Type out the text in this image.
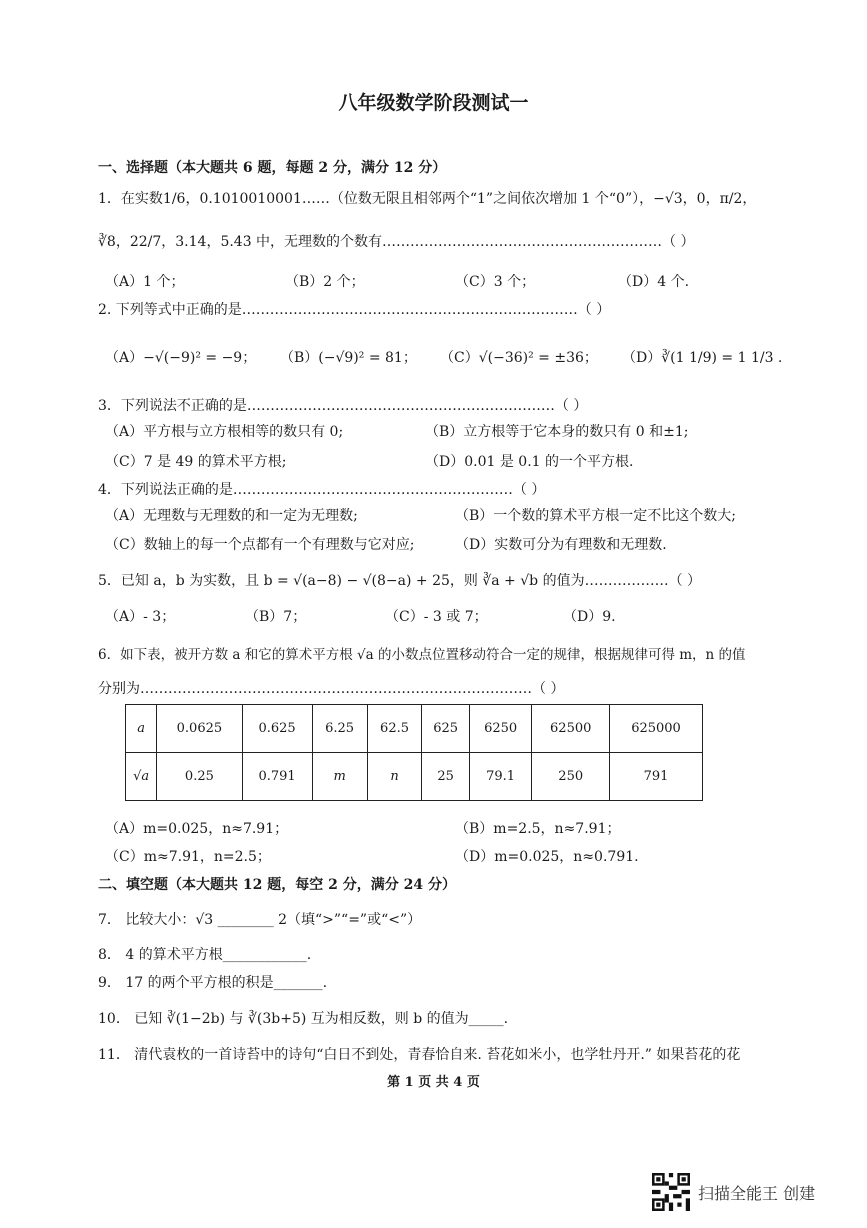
八年级数学阶段测试一
一、选择题（本大题共 6 题，每题 2 分，满分 12 分）
1．在实数1/6，0.1010010001……（位数无限且相邻两个“1”之间依次增加 1 个“0”），−√3，0，π/2，
∛8，22/7，3.14，5.4̇3̇ 中，无理数的个数有……………………………………………………（ ）
（A）1 个；	（B）2 个；	（C）3 个；	（D）4 个.
2. 下列等式中正确的是………………………………………………………………（ ）
（A）−√(−9)² = −9； （B）(−√9)² = 81； （C）√(−36)² = ±36； （D）∛(1 1/9) = 1 1/3 .
3．下列说法不正确的是…………………………………………………………（ ）
（A）平方根与立方根相等的数只有 0;	（B）立方根等于它本身的数只有 0 和±1;
（C）7 是 49 的算术平方根;	（D）0.01 是 0.1 的一个平方根.
4．下列说法正确的是……………………………………………………（ ）
（A）无理数与无理数的和一定为无理数;	（B）一个数的算术平方根一定不比这个数大;
（C）数轴上的每一个点都有一个有理数与它对应;	（D）实数可分为有理数和无理数.
5．已知 a，b 为实数，且 b = √(a−8) − √(8−a) + 25，则 ∛a + √b 的值为………………（ ）
（A）- 3；	（B）7；	（C）- 3 或 7；	（D）9.
6．如下表，被开方数 a 和它的算术平方根 √a 的小数点位置移动符合一定的规律，根据规律可得 m，n 的值
分别为…………………………………………………………………………（ ）
a	0.0625	0.625	6.25	62.5	625	6250	62500	625000
√a	0.25	0.791	m	n	25	79.1	250	791
（A）m=0.025，n≈7.91；	（B）m=2.5，n≈7.91；
（C）m≈7.91，n=2.5；	（D）m=0.025，n≈0.791.
二、填空题（本大题共 12 题，每空 2 分，满分 24 分）
7． 比较大小：√3 ________ 2（填“>”“=”或“<”）
8． 4 的算术平方根____________.
9． 17 的两个平方根的积是_______.
10． 已知 ∛(1−2b) 与 ∛(3b+5) 互为相反数，则 b 的值为_____.
11． 清代袁枚的一首诗苔中的诗句“白日不到处，青春恰自来. 苔花如米小，也学牡丹开.” 如果苔花的花
第 1 页 共 4 页
扫描全能王 创建
